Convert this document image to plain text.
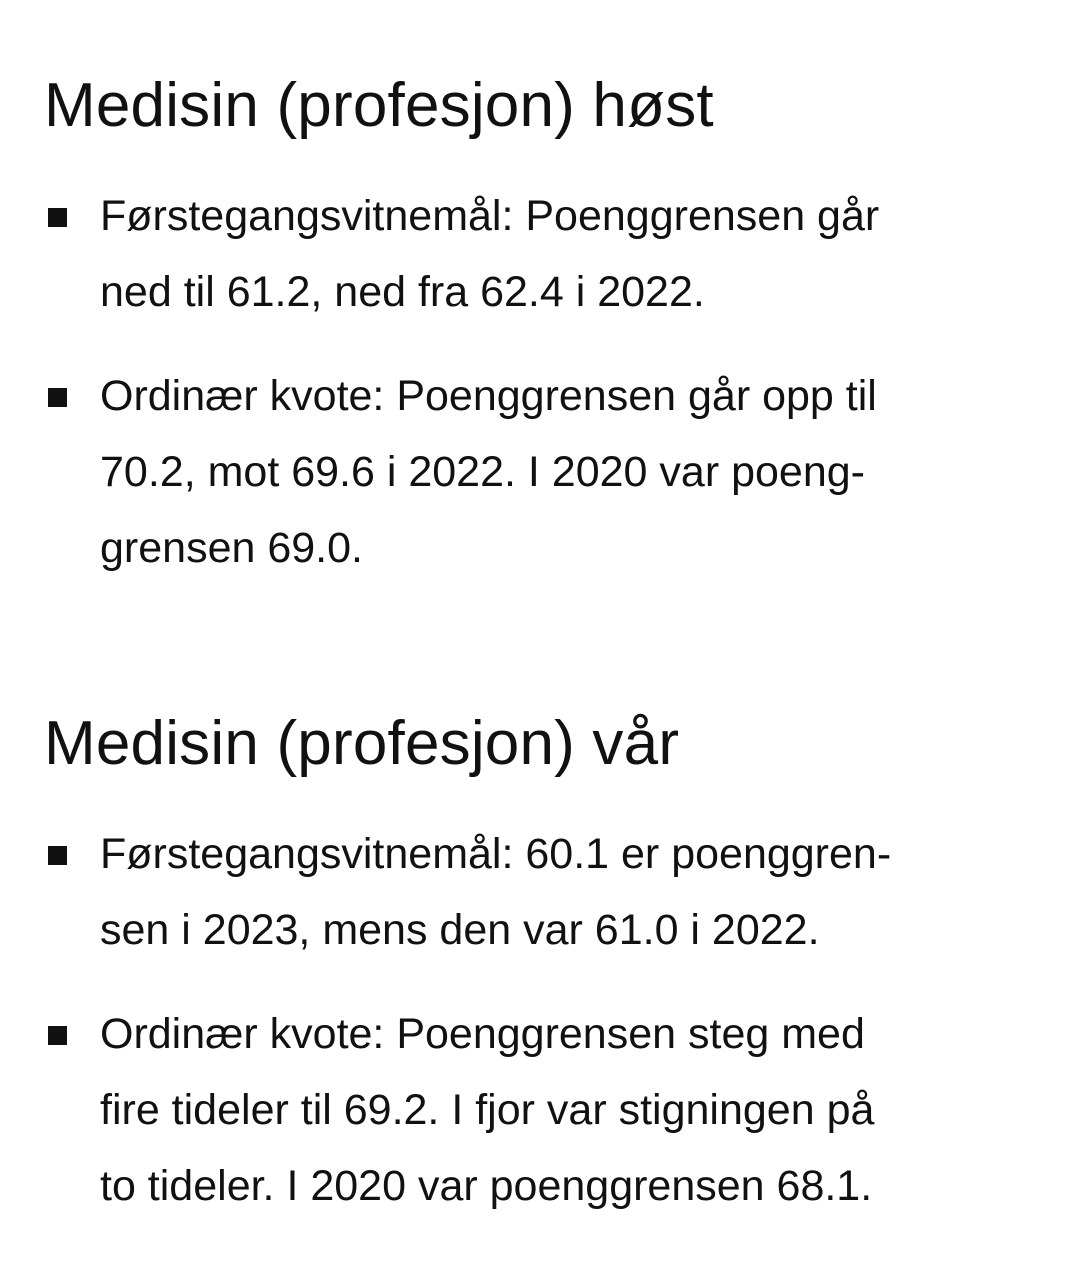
Medisin (profesjon) høst
Førstegangsvitnemål: Poenggrensen går
ned til 61.2, ned fra 62.4 i 2022.
Ordinær kvote: Poenggrensen går opp til
70.2, mot 69.6 i 2022. I 2020 var poeng-
grensen 69.0.
Medisin (profesjon) vår
Førstegangsvitnemål: 60.1 er poenggren-
sen i 2023, mens den var 61.0 i 2022.
Ordinær kvote: Poenggrensen steg med
fire tideler til 69.2. I fjor var stigningen på
to tideler. I 2020 var poenggrensen 68.1.
